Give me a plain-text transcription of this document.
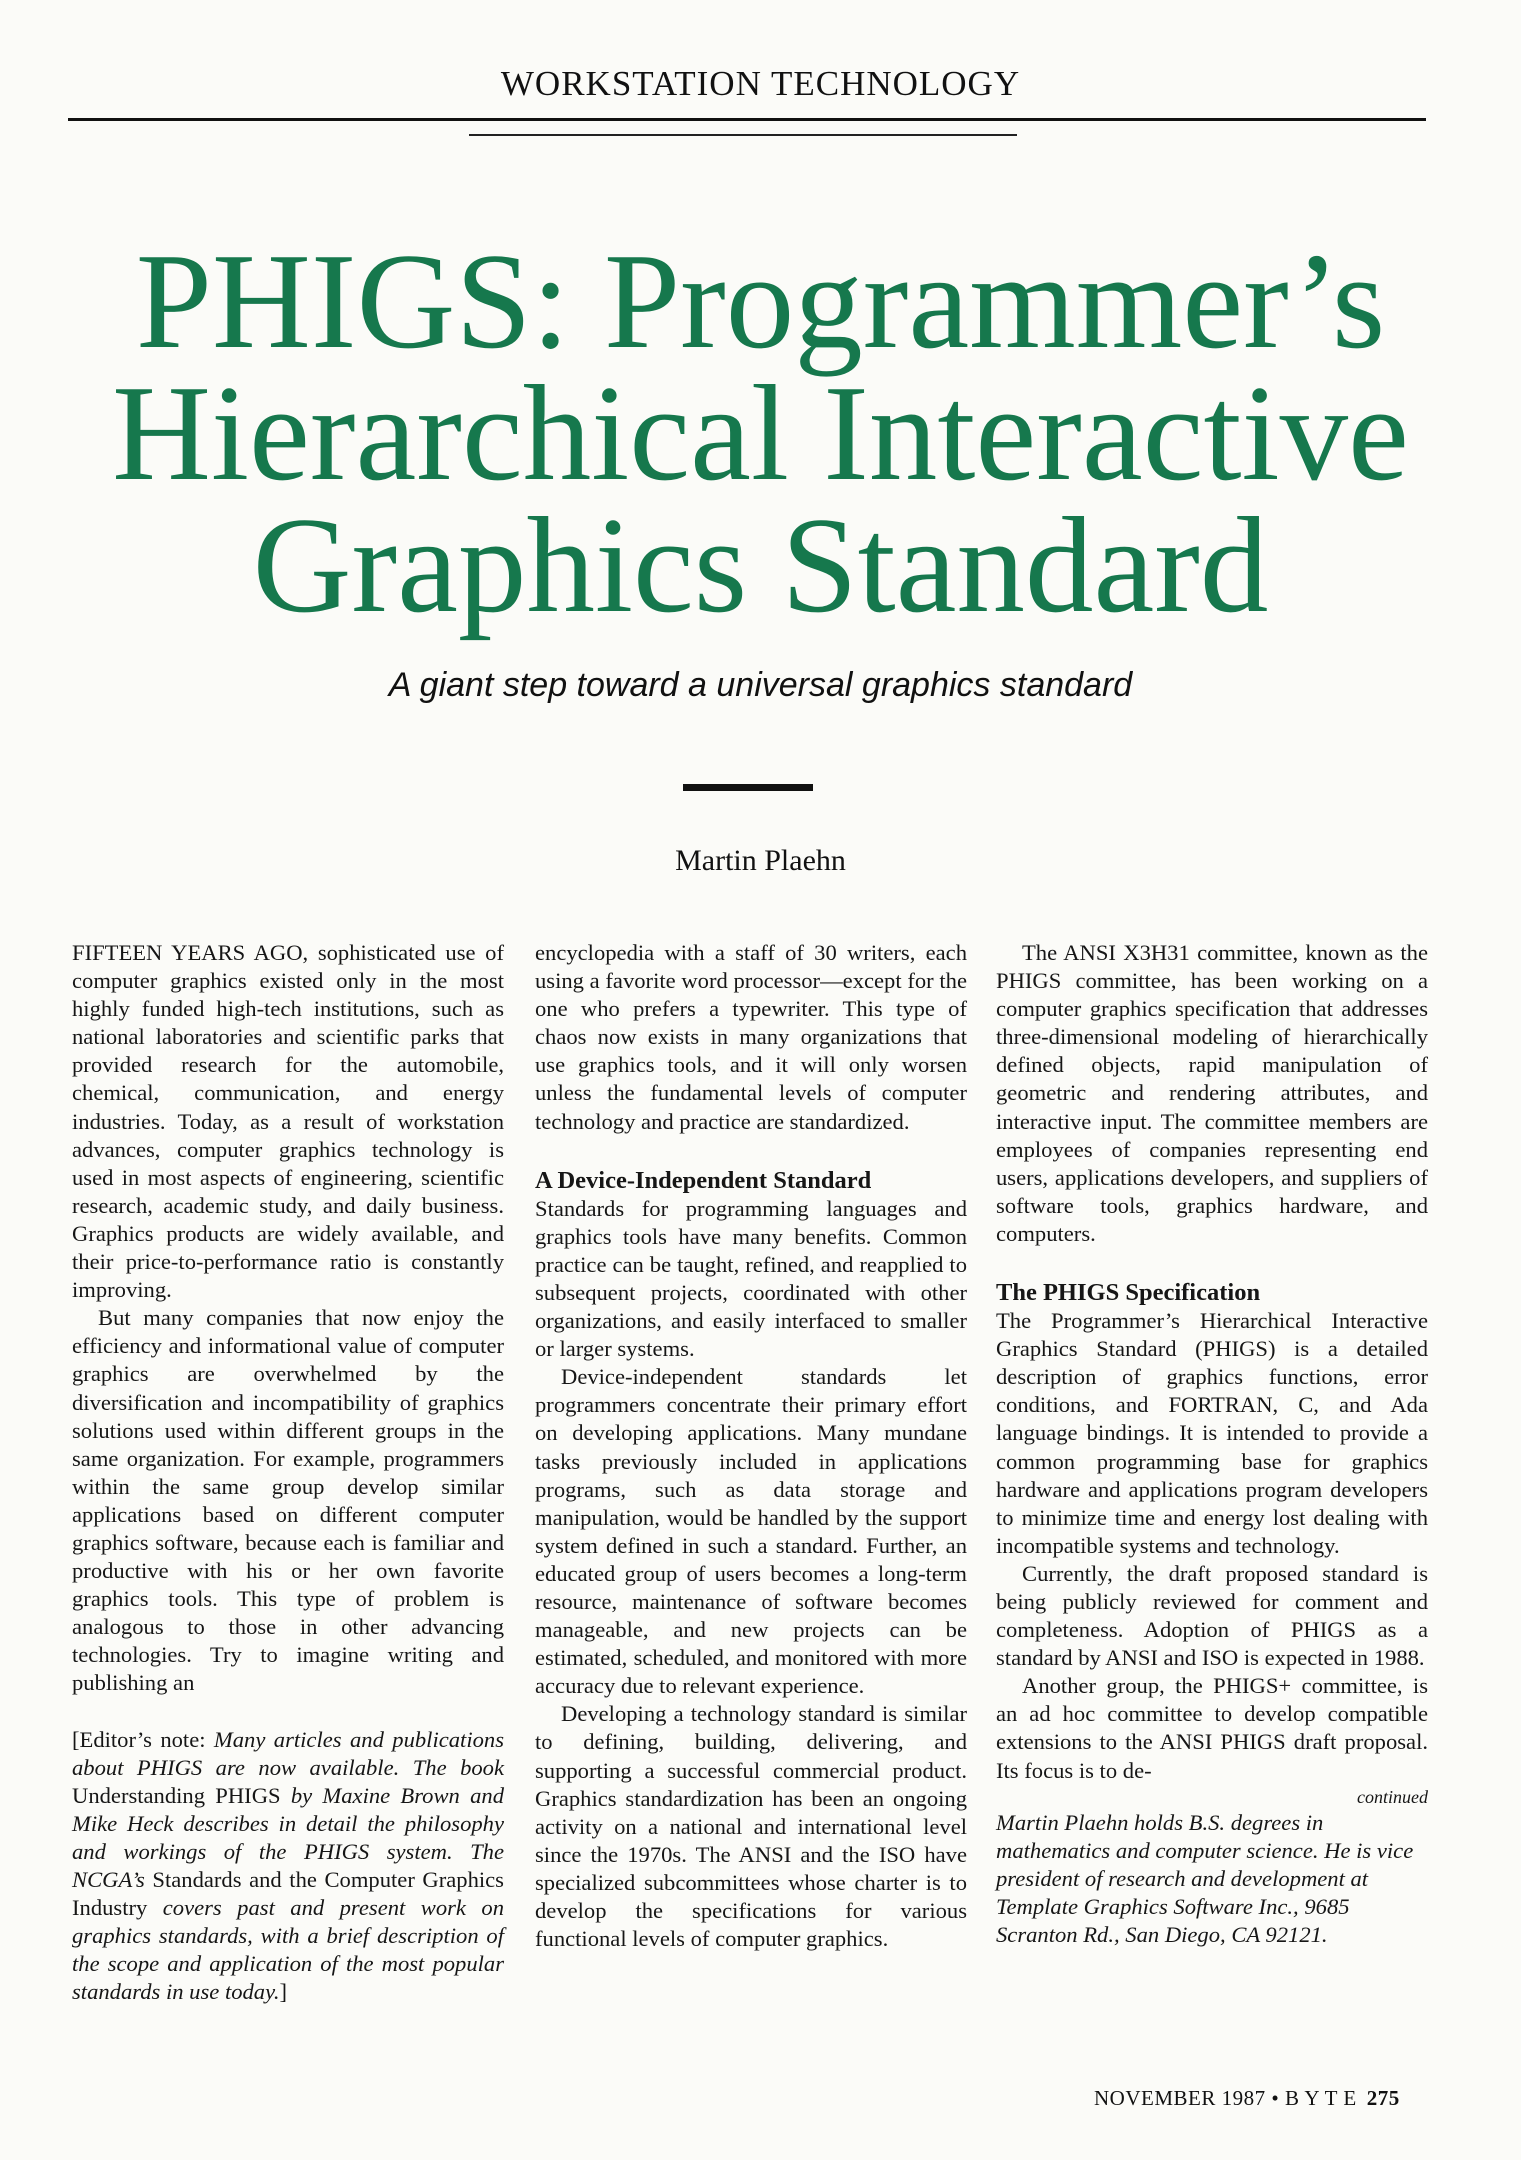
WORKSTATION TECHNOLOGY
PHIGS: Programmer’s
Hierarchical Interactive
Graphics Standard
A giant step toward a universal graphics standard
Martin Plaehn

FIFTEEN YEARS AGO, sophisticated use of computer graphics existed only in the most highly funded high-tech institutions, such as national laboratories and scientific parks that provided research for the automobile, chemical, communication, and energy industries. Today, as a result of workstation advances, computer graphics technology is used in most aspects of engineering, scientific research, academic study, and daily business. Graphics products are widely available, and their price-to-performance ratio is constantly improving.

But many companies that now enjoy the efficiency and informational value of computer graphics are overwhelmed by the diversification and incompatibility of graphics solutions used within different groups in the same organization. For example, programmers within the same group develop similar applications based on different computer graphics software, because each is familiar and productive with his or her own favorite graphics tools. This type of problem is analogous to those in other advancing technologies. Try to imagine writing and publishing an

[Editor’s note: Many articles and publications about PHIGS are now available. The book Understanding PHIGS by Maxine Brown and Mike Heck describes in detail the philosophy and workings of the PHIGS system. The NCGA’s Standards and the Computer Graphics Industry covers past and present work on graphics standards, with a brief description of the scope and application of the most popular standards in use today.]

encyclopedia with a staff of 30 writers, each using a favorite word processor—except for the one who prefers a typewriter. This type of chaos now exists in many organizations that use graphics tools, and it will only worsen unless the fundamental levels of computer technology and practice are standardized.

A Device-Independent Standard

Standards for programming languages and graphics tools have many benefits. Common practice can be taught, refined, and reapplied to subsequent projects, coordinated with other organizations, and easily interfaced to smaller or larger systems.

Device-independent standards let programmers concentrate their primary effort on developing applications. Many mundane tasks previously included in applications programs, such as data storage and manipulation, would be handled by the support system defined in such a standard. Further, an educated group of users becomes a long-term resource, maintenance of software becomes manageable, and new projects can be estimated, scheduled, and monitored with more accuracy due to relevant experience.

Developing a technology standard is similar to defining, building, delivering, and supporting a successful commercial product. Graphics standardization has been an ongoing activity on a national and international level since the 1970s. The ANSI and the ISO have specialized subcommittees whose charter is to develop the specifications for various functional levels of computer graphics.

The ANSI X3H31 committee, known as the PHIGS committee, has been working on a computer graphics specification that addresses three-dimensional modeling of hierarchically defined objects, rapid manipulation of geometric and rendering attributes, and interactive input. The committee members are employees of companies representing end users, applications developers, and suppliers of software tools, graphics hardware, and computers.

The PHIGS Specification

The Programmer’s Hierarchical Interactive Graphics Standard (PHIGS) is a detailed description of graphics functions, error conditions, and FORTRAN, C, and Ada language bindings. It is intended to provide a common programming base for graphics hardware and applications program developers to minimize time and energy lost dealing with incompatible systems and technology.

Currently, the draft proposed standard is being publicly reviewed for comment and completeness. Adoption of PHIGS as a standard by ANSI and ISO is expected in 1988.

Another group, the PHIGS+ committee, is an ad hoc committee to develop compatible extensions to the ANSI PHIGS draft proposal. Its focus is to de-

continued

Martin Plaehn holds B.S. degrees in mathematics and computer science. He is vice president of research and development at Template Graphics Software Inc., 9685 Scranton Rd., San Diego, CA 92121.

NOVEMBER 1987 • B Y T E 275
